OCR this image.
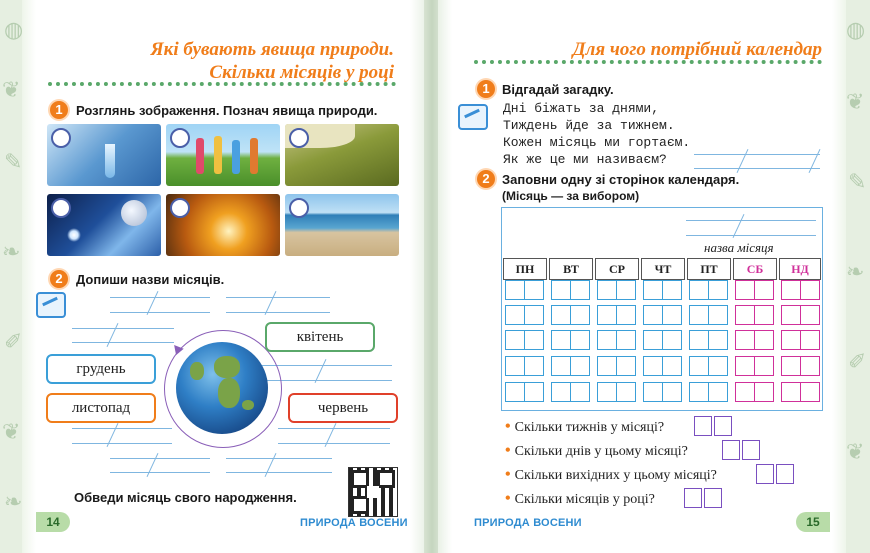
◍
❦
✎
❧
✐
❦
❧
◍
❦
✎
❧
✐
❦
Які бувають явища природи.
Скільки місяців у році
1	Розглянь зображення. Познач явища природи.
2	Допиши назви місяців.
грудень
листопад
квітень
червень
Обведи місяць свого народження.
14	ПРИРОДА ВОСЕНИ
Для чого потрібний календар
1 Відгадай загадку.
Дні біжать за днями,
Тиждень йде за тижнем.
Кожен місяць ми гортаєм.
Як же це ми називаєм?
2 Заповни одну зі сторінок календаря.
(Місяць — за вибором)
назва місяця
ПН	ВТ	СР	ЧТ	ПТ	СБ	НД
• Скільки тижнів у місяці?
• Скільки днів у цьому місяці?
• Скільки вихідних у цьому місяці?
• Скільки місяців у році?
ПРИРОДА ВОСЕНИ	15
